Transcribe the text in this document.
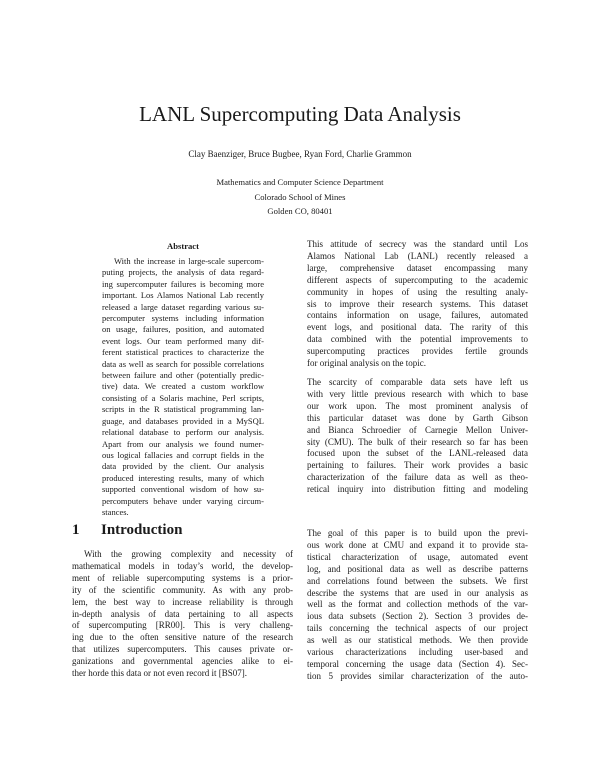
LANL Supercomputing Data Analysis
Clay Baenziger, Bruce Bugbee, Ryan Ford, Charlie Grammon
Mathematics and Computer Science Department
Colorado School of Mines
Golden CO, 80401
Abstract
With the increase in large-scale supercom-
puting projects, the analysis of data regard-
ing supercomputer failures is becoming more
important. Los Alamos National Lab recently
released a large dataset regarding various su-
percomputer systems including information
on usage, failures, position, and automated
event logs. Our team performed many dif-
ferent statistical practices to characterize the
data as well as search for possible correlations
between failure and other (potentially predic-
tive) data. We created a custom workflow
consisting of a Solaris machine, Perl scripts,
scripts in the R statistical programming lan-
guage, and databases provided in a MySQL
relational database to perform our analysis.
Apart from our analysis we found numer-
ous logical fallacies and corrupt fields in the
data provided by the client. Our analysis
produced interesting results, many of which
supported conventional wisdom of how su-
percomputers behave under varying circum-
stances.
1 Introduction
With the growing complexity and necessity of
mathematical models in today’s world, the develop-
ment of reliable supercomputing systems is a prior-
ity of the scientific community. As with any prob-
lem, the best way to increase reliability is through
in-depth analysis of data pertaining to all aspects
of supercomputing [RR00]. This is very challeng-
ing due to the often sensitive nature of the research
that utilizes supercomputers. This causes private or-
ganizations and governmental agencies alike to ei-
ther horde this data or not even record it [BS07].
This attitude of secrecy was the standard until Los
Alamos National Lab (LANL) recently released a
large, comprehensive dataset encompassing many
different aspects of supercomputing to the academic
community in hopes of using the resulting analy-
sis to improve their research systems. This dataset
contains information on usage, failures, automated
event logs, and positional data. The rarity of this
data combined with the potential improvements to
supercomputing practices provides fertile grounds
for original analysis on the topic.
The scarcity of comparable data sets have left us
with very little previous research with which to base
our work upon. The most prominent analysis of
this particular dataset was done by Garth Gibson
and Bianca Schroedier of Carnegie Mellon Univer-
sity (CMU). The bulk of their research so far has been
focused upon the subset of the LANL-released data
pertaining to failures. Their work provides a basic
characterization of the failure data as well as theo-
retical inquiry into distribution fitting and modeling
The goal of this paper is to build upon the previ-
ous work done at CMU and expand it to provide sta-
tistical characterization of usage, automated event
log, and positional data as well as describe patterns
and correlations found between the subsets. We first
describe the systems that are used in our analysis as
well as the format and collection methods of the var-
ious data subsets (Section 2). Section 3 provides de-
tails concerning the technical aspects of our project
as well as our statistical methods. We then provide
various characterizations including user-based and
temporal concerning the usage data (Section 4). Sec-
tion 5 provides similar characterization of the auto-
